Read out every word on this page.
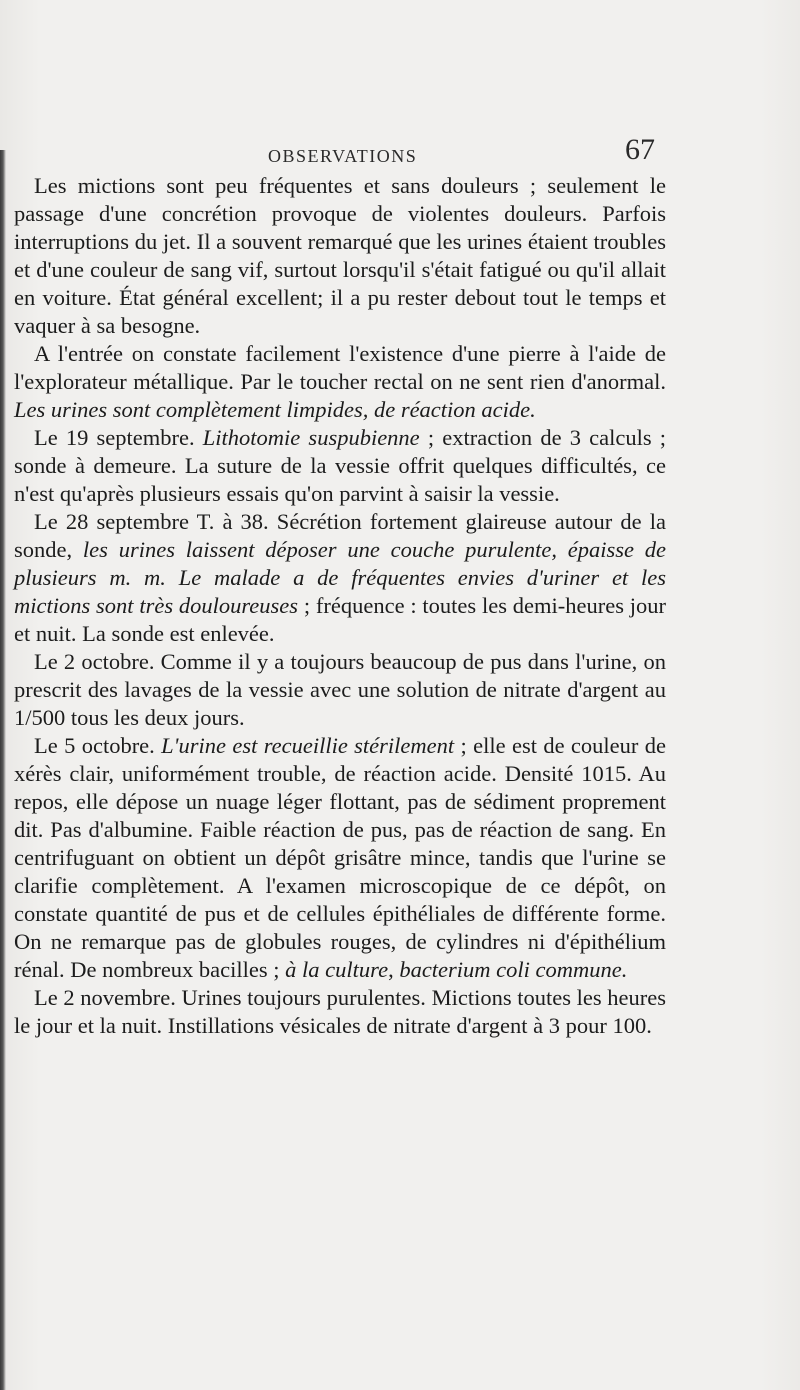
OBSERVATIONS	67

Les mictions sont peu fréquentes et sans douleurs ; seulement le passage d'une concrétion provoque de violentes douleurs. Parfois interruptions du jet. Il a souvent remarqué que les urines étaient troubles et d'une couleur de sang vif, surtout lorsqu'il s'était fatigué ou qu'il allait en voiture. État général excellent; il a pu rester debout tout le temps et vaquer à sa besogne.

A l'entrée on constate facilement l'existence d'une pierre à l'aide de l'explorateur métallique. Par le toucher rectal on ne sent rien d'anormal. Les urines sont complètement limpides, de réaction acide.

Le 19 septembre. Lithotomie suspubienne ; extraction de 3 calculs ; sonde à demeure. La suture de la vessie offrit quelques difficultés, ce n'est qu'après plusieurs essais qu'on parvint à saisir la vessie.

Le 28 septembre T. à 38. Sécrétion fortement glaireuse autour de la sonde, les urines laissent déposer une couche purulente, épaisse de plusieurs m. m. Le malade a de fréquentes envies d'uriner et les mictions sont très douloureuses ; fréquence : toutes les demi-heures jour et nuit. La sonde est enlevée.

Le 2 octobre. Comme il y a toujours beaucoup de pus dans l'urine, on prescrit des lavages de la vessie avec une solution de nitrate d'argent au 1/500 tous les deux jours.

Le 5 octobre. L'urine est recueillie stérilement ; elle est de couleur de xérès clair, uniformément trouble, de réaction acide. Densité 1015. Au repos, elle dépose un nuage léger flottant, pas de sédiment proprement dit. Pas d'albumine. Faible réaction de pus, pas de réaction de sang. En centrifuguant on obtient un dépôt grisâtre mince, tandis que l'urine se clarifie complètement. A l'examen microscopique de ce dépôt, on constate quantité de pus et de cellules épithéliales de différente forme. On ne remarque pas de globules rouges, de cylindres ni d'épithélium rénal. De nombreux bacilles ; à la culture, bacterium coli commune.

Le 2 novembre. Urines toujours purulentes. Mictions toutes les heures le jour et la nuit. Instillations vésicales de nitrate d'argent à 3 pour 100.
